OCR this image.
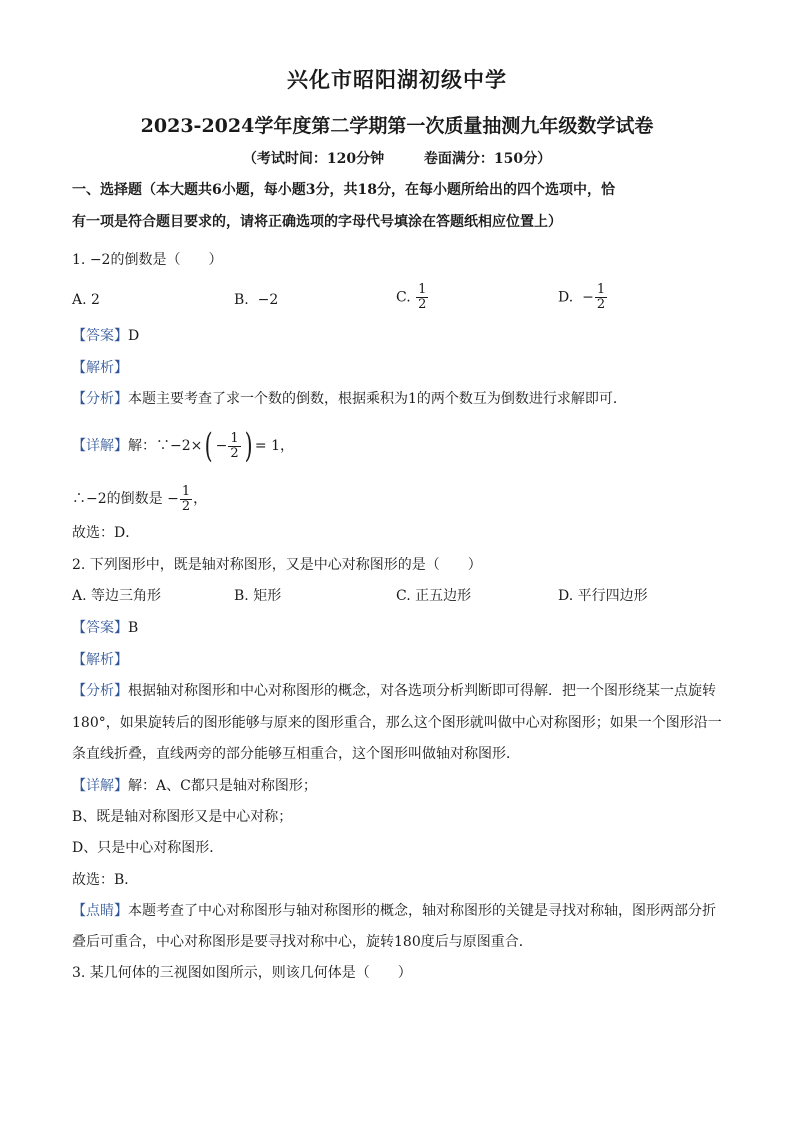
兴化市昭阳湖初级中学
2023-2024学年度第二学期第一次质量抽测九年级数学试卷
（考试时间：120分钟	卷面满分：150分）
一、选择题（本大题共6小题，每小题3分，共18分，在每小题所给出的四个选项中，恰
有一项是符合题目要求的，请将正确选项的字母代号填涂在答题纸相应位置上）
1. −2的倒数是（　　）
A. 2	B. −2	C. $\frac{1}{2}$	D. − $\frac{1}{2}$
【答案】D
【解析】
【分析】本题主要考查了求一个数的倒数，根据乘积为1的两个数互为倒数进行求解即可．
【详解】解：∵−2×( − $\frac{1}{2}$ ) = 1，
∴−2的倒数是 − $\frac{1}{2}$ ，
故选：D．
2. 下列图形中，既是轴对称图形，又是中心对称图形的是（　　）
A. 等边三角形	B. 矩形	C. 正五边形	D. 平行四边形
【答案】B
【解析】
【分析】根据轴对称图形和中心对称图形的概念，对各选项分析判断即可得解．把一个图形绕某一点旋转
180°，如果旋转后的图形能够与原来的图形重合，那么这个图形就叫做中心对称图形；如果一个图形沿一
条直线折叠，直线两旁的部分能够互相重合，这个图形叫做轴对称图形．
【详解】解：A、C都只是轴对称图形；
B、既是轴对称图形又是中心对称；
D、只是中心对称图形．
故选：B．
【点睛】本题考查了中心对称图形与轴对称图形的概念，轴对称图形的关键是寻找对称轴，图形两部分折
叠后可重合，中心对称图形是要寻找对称中心，旋转180度后与原图重合．
3. 某几何体的三视图如图所示，则该几何体是（　　）
